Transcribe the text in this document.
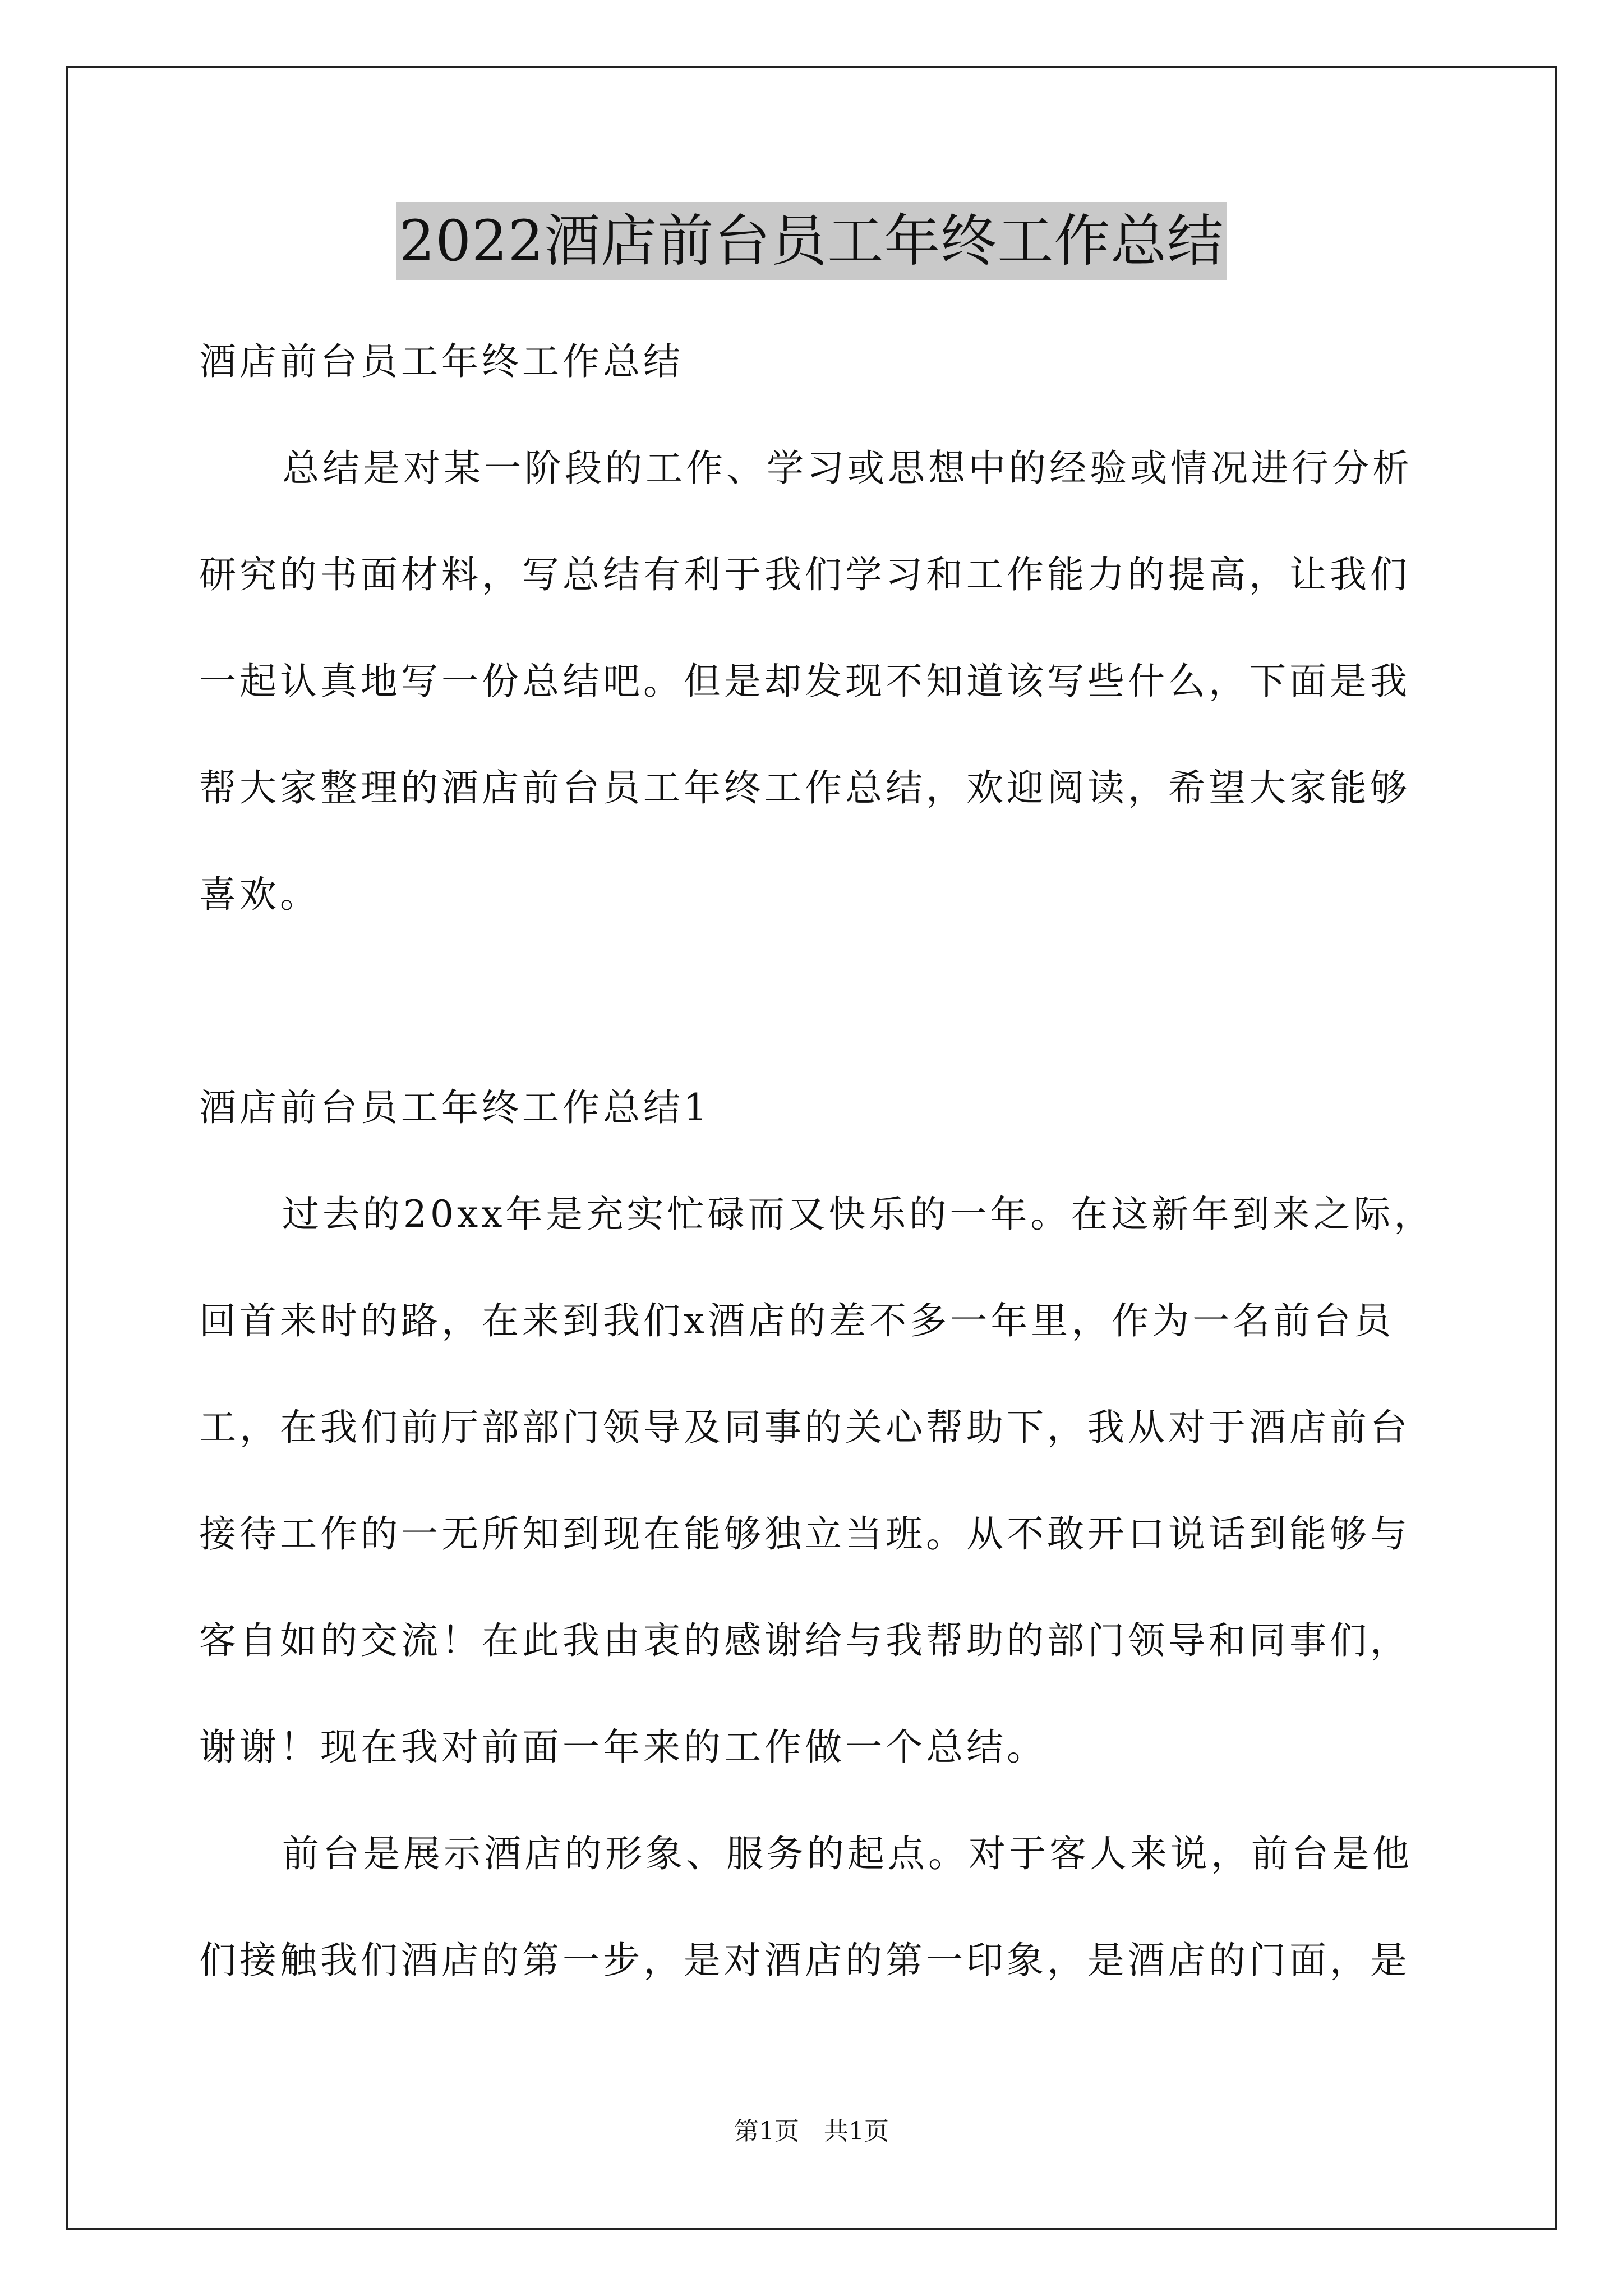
2022酒店前台员工年终工作总结

酒店前台员工年终工作总结

总结是对某一阶段的工作、学习或思想中的经验或情况进行分析研究的书面材料，写总结有利于我们学习和工作能力的提高，让我们一起认真地写一份总结吧。但是却发现不知道该写些什么，下面是我帮大家整理的酒店前台员工年终工作总结，欢迎阅读，希望大家能够喜欢。

酒店前台员工年终工作总结1

过去的20xx年是充实忙碌而又快乐的一年。在这新年到来之际，回首来时的路，在来到我们x酒店的差不多一年里，作为一名前台员工，在我们前厅部部门领导及同事的关心帮助下，我从对于酒店前台接待工作的一无所知到现在能够独立当班。从不敢开口说话到能够与客自如的交流！在此我由衷的感谢给与我帮助的部门领导和同事们，谢谢！现在我对前面一年来的工作做一个总结。

前台是展示酒店的形象、服务的起点。对于客人来说，前台是他们接触我们酒店的第一步，是对酒店的第一印象，是酒店的门面，是

第1页 共1页
